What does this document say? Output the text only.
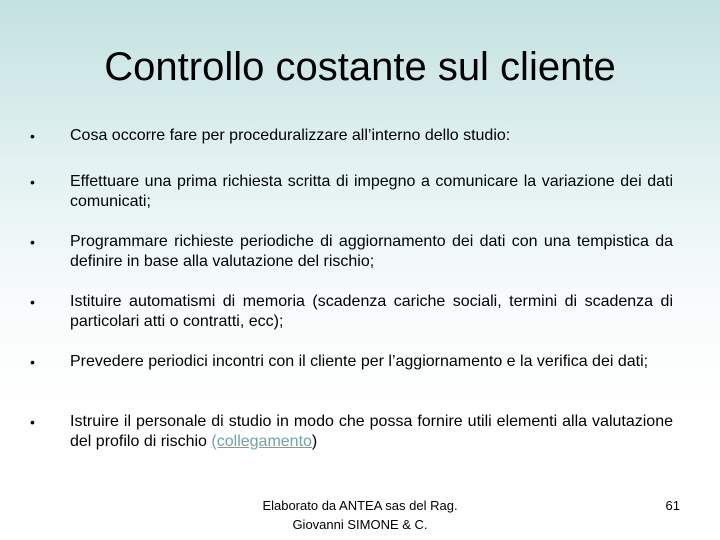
Controllo costante sul cliente
•	Cosa occorre fare per proceduralizzare all’interno dello studio:
•	Effettuare una prima richiesta scritta di impegno a comunicare la variazione dei dati comunicati;
•	Programmare richieste periodiche di aggiornamento dei dati con una tempistica da definire in base alla valutazione del rischio;
•	Istituire automatismi di memoria (scadenza cariche sociali, termini di scadenza di particolari atti o contratti, ecc);
•	Prevedere periodici incontri con il cliente per l’aggiornamento e la verifica dei dati;
•	Istruire il personale di studio in modo che possa fornire utili elementi alla valutazione del profilo di rischio (collegamento)
Elaborato da ANTEA sas del Rag.
Giovanni SIMONE & C.
61
